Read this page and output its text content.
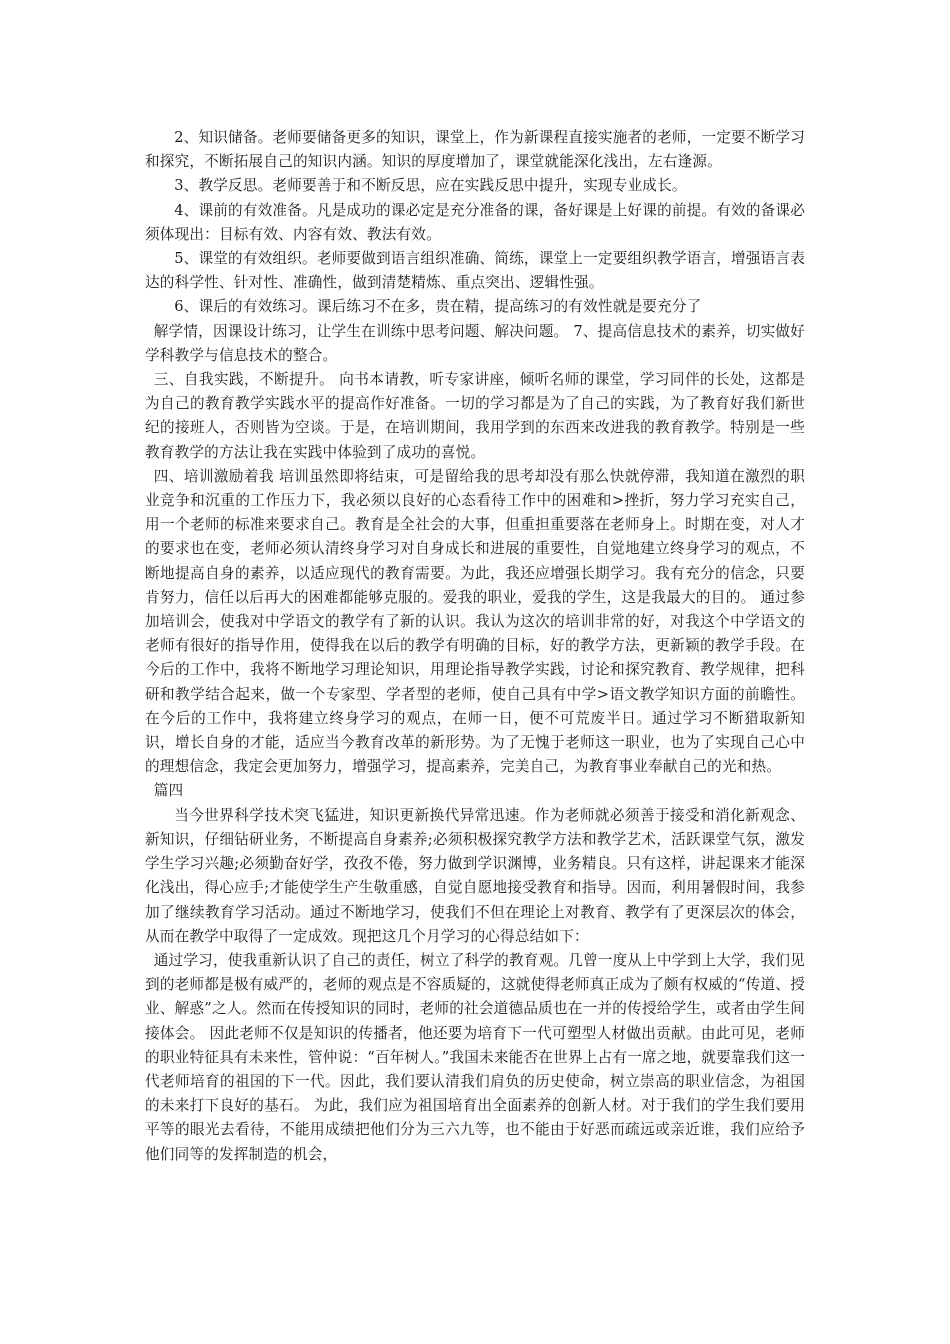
2、知识储备。老师要储备更多的知识，课堂上，作为新课程直接实施者的老师，一定要不断学习和探究，不断拓展自己的知识内涵。知识的厚度增加了，课堂就能深化浅出，左右逢源。

3、教学反思。老师要善于和不断反思，应在实践反思中提升，实现专业成长。

4、课前的有效准备。凡是成功的课必定是充分准备的课，备好课是上好课的前提。有效的备课必须体现出：目标有效、内容有效、教法有效。

5、课堂的有效组织。老师要做到语言组织准确、简练，课堂上一定要组织教学语言，增强语言表达的科学性、针对性、准确性，做到清楚精炼、重点突出、逻辑性强。

6、课后的有效练习。课后练习不在多，贵在精，提高练习的有效性就是要充分了

解学情，因课设计练习，让学生在训练中思考问题、解决问题。 7、提高信息技术的素养，切实做好学科教学与信息技术的整合。

三、自我实践，不断提升。 向书本请教，听专家讲座，倾听名师的课堂，学习同伴的长处，这都是为自己的教育教学实践水平的提高作好准备。一切的学习都是为了自己的实践，为了教育好我们新世纪的接班人，否则皆为空谈。于是，在培训期间，我用学到的东西来改进我的教育教学。特别是一些教育教学的方法让我在实践中体验到了成功的喜悦。

四、培训激励着我 培训虽然即将结束，可是留给我的思考却没有那么快就停滞，我知道在激烈的职业竞争和沉重的工作压力下，我必须以良好的心态看待工作中的困难和>挫折，努力学习充实自己，用一个老师的标准来要求自己。教育是全社会的大事，但重担重要落在老师身上。时期在变，对人才的要求也在变，老师必须认清终身学习对自身成长和进展的重要性，自觉地建立终身学习的观点，不断地提高自身的素养，以适应现代的教育需要。为此，我还应增强长期学习。我有充分的信念，只要肯努力，信任以后再大的困难都能够克服的。爱我的职业，爱我的学生，这是我最大的目的。 通过参加培训会，使我对中学语文的教学有了新的认识。我认为这次的培训非常的好，对我这个中学语文的老师有很好的指导作用，使得我在以后的教学有明确的目标，好的教学方法，更新颖的教学手段。在今后的工作中，我将不断地学习理论知识，用理论指导教学实践，讨论和探究教育、教学规律，把科研和教学结合起来，做一个专家型、学者型的老师，使自己具有中学>语文教学知识方面的前瞻性。在今后的工作中，我将建立终身学习的观点，在师一日，便不可荒废半日。通过学习不断猎取新知识，增长自身的才能，适应当今教育改革的新形势。为了无愧于老师这一职业，也为了实现自己心中的理想信念，我定会更加努力，增强学习，提高素养，完美自己，为教育事业奉献自己的光和热。

篇四

当今世界科学技术突飞猛进，知识更新换代异常迅速。作为老师就必须善于接受和消化新观念、新知识，仔细钻研业务，不断提高自身素养;必须积极探究教学方法和教学艺术，活跃课堂气氛，激发学生学习兴趣;必须勤奋好学，孜孜不倦，努力做到学识渊博，业务精良。只有这样，讲起课来才能深化浅出，得心应手;才能使学生产生敬重感，自觉自愿地接受教育和指导。因而，利用暑假时间，我参加了继续教育学习活动。通过不断地学习，使我们不但在理论上对教育、教学有了更深层次的体会，从而在教学中取得了一定成效。现把这几个月学习的心得总结如下：

通过学习，使我重新认识了自己的责任，树立了科学的教育观。几曾一度从上中学到上大学，我们见到的老师都是极有威严的，老师的观点是不容质疑的，这就使得老师真正成为了颇有权威的“传道、授业、解惑”之人。然而在传授知识的同时，老师的社会道德品质也在一并的传授给学生，或者由学生间接体会。 因此老师不仅是知识的传播者，他还要为培育下一代可塑型人材做出贡献。由此可见，老师的职业特征具有未来性，管仲说：“百年树人。”我国未来能否在世界上占有一席之地，就要靠我们这一代老师培育的祖国的下一代。因此，我们要认清我们肩负的历史使命，树立崇高的职业信念，为祖国的未来打下良好的基石。 为此，我们应为祖国培育出全面素养的创新人材。对于我们的学生我们要用平等的眼光去看待，不能用成绩把他们分为三六九等，也不能由于好恶而疏远或亲近谁，我们应给予他们同等的发挥制造的机会，
